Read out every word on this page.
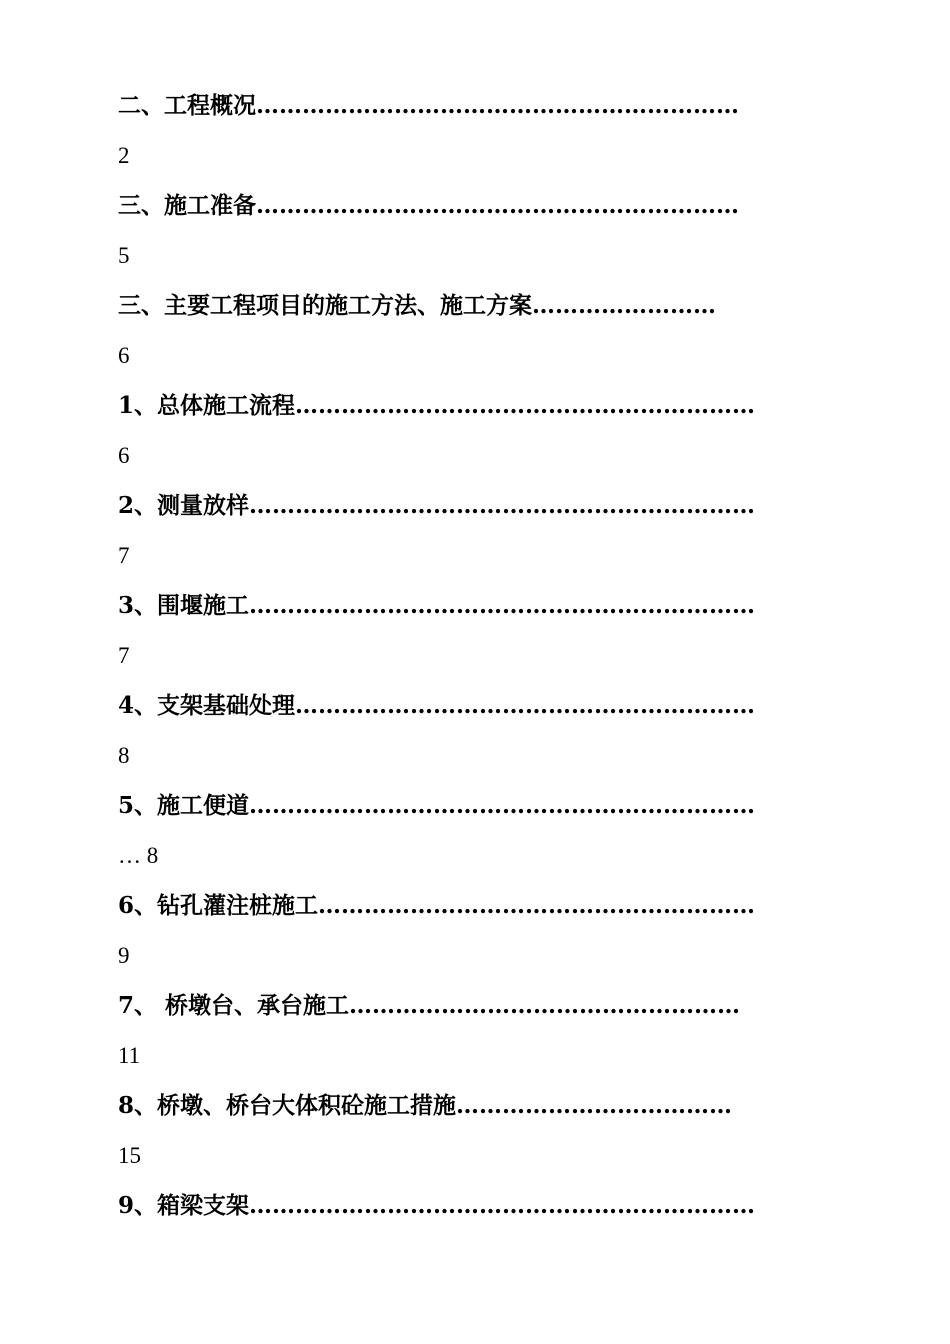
二、工程概况………………………………………………………
2
三、施工准备………………………………………………………
5
三、主要工程项目的施工方法、施工方案……………………
6
1、总体施工流程……………………………………………………
6
2、测量放样…………………………………………………………
7
3、围堰施工…………………………………………………………
7
4、支架基础处理……………………………………………………
8
5、施工便道…………………………………………………………
… 8
6、钻孔灌注桩施工…………………………………………………
9
7、 桥墩台、承台施工……………………………………………
11
8、桥墩、桥台大体积砼施工措施………………………………
15
9、箱梁支架…………………………………………………………
